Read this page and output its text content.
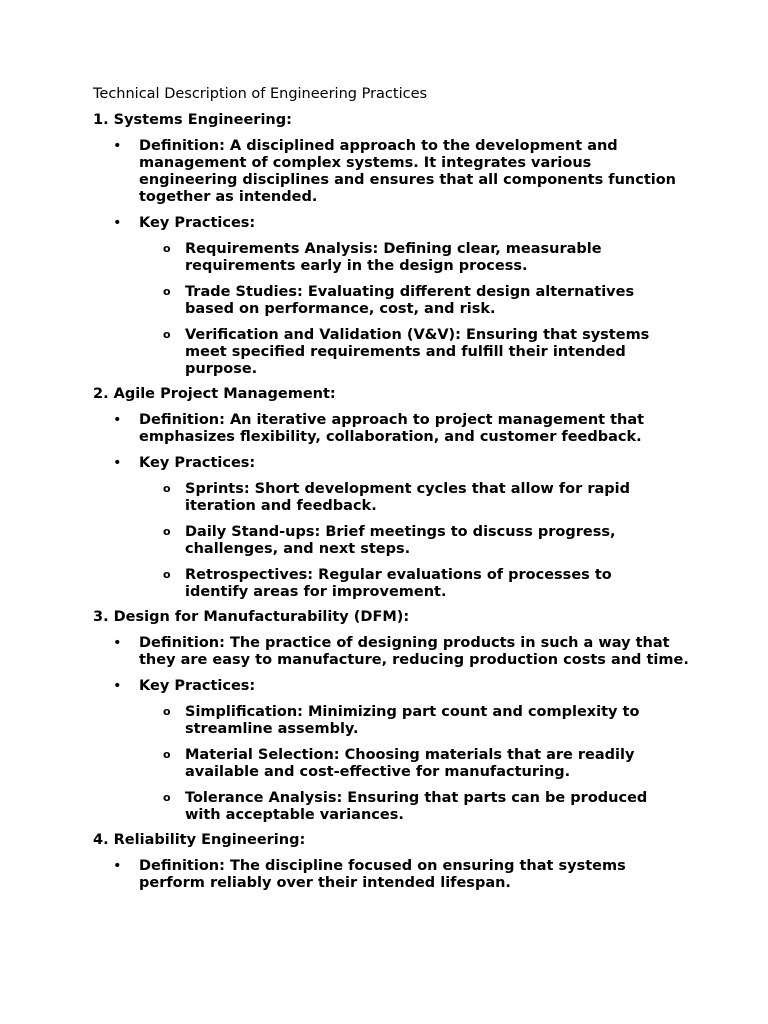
Technical Description of Engineering Practices
1. Systems Engineering:
• Definition: A disciplined approach to the development and management of complex systems. It integrates various engineering disciplines and ensures that all components function together as intended.
• Key Practices:
o Requirements Analysis: Defining clear, measurable requirements early in the design process.
o Trade Studies: Evaluating different design alternatives based on performance, cost, and risk.
o Verification and Validation (V&V): Ensuring that systems meet specified requirements and fulfill their intended purpose.
2. Agile Project Management:
• Definition: An iterative approach to project management that emphasizes flexibility, collaboration, and customer feedback.
• Key Practices:
o Sprints: Short development cycles that allow for rapid iteration and feedback.
o Daily Stand-ups: Brief meetings to discuss progress, challenges, and next steps.
o Retrospectives: Regular evaluations of processes to identify areas for improvement.
3. Design for Manufacturability (DFM):
• Definition: The practice of designing products in such a way that they are easy to manufacture, reducing production costs and time.
• Key Practices:
o Simplification: Minimizing part count and complexity to streamline assembly.
o Material Selection: Choosing materials that are readily available and cost-effective for manufacturing.
o Tolerance Analysis: Ensuring that parts can be produced with acceptable variances.
4. Reliability Engineering:
• Definition: The discipline focused on ensuring that systems perform reliably over their intended lifespan.
